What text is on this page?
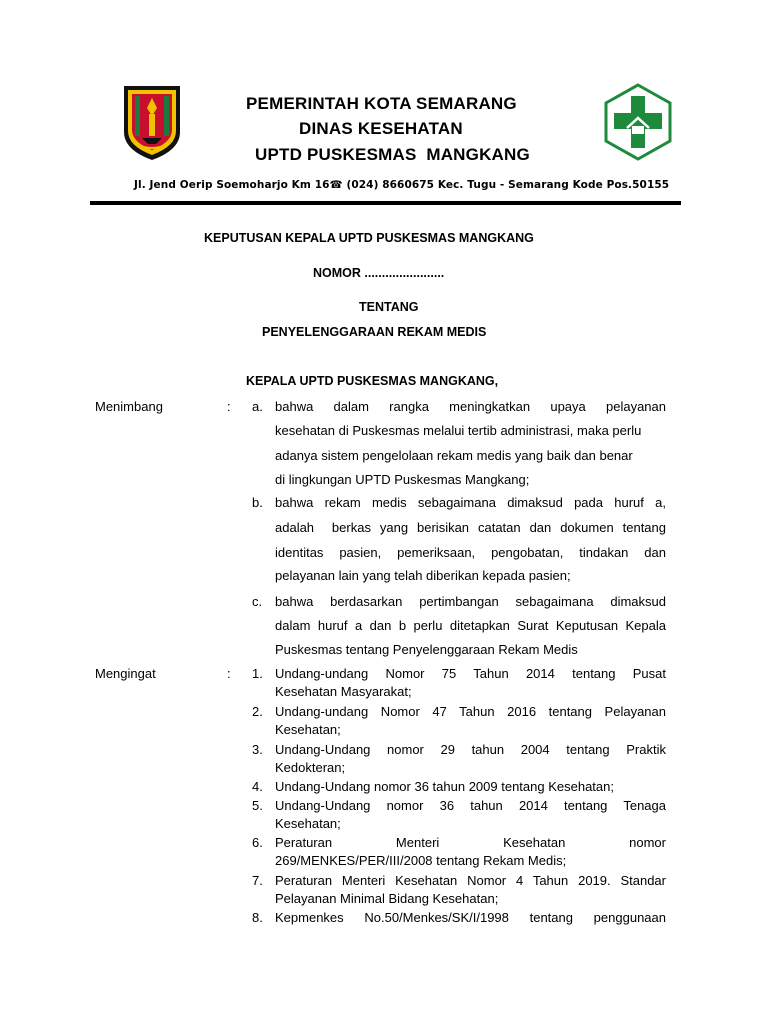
PEMERINTAH KOTA SEMARANG
DINAS KESEHATAN
UPTD PUSKESMAS  MANGKANG
Jl. Jend Oerip Soemoharjo Km 16☎ (024) 8660675 Kec. Tugu - Semarang Kode Pos.50155
KEPUTUSAN KEPALA UPTD PUSKESMAS MANGKANG
NOMOR .......................
TENTANG
PENYELENGGARAAN REKAM MEDIS
KEPALA UPTD PUSKESMAS MANGKANG,
Menimbang	: a. bahwa dalam rangka meningkatkan upaya pelayanan
kesehatan di Puskesmas melalui tertib administrasi, maka perlu
adanya sistem pengelolaan rekam medis yang baik dan benar
di lingkungan UPTD Puskesmas Mangkang;
b. bahwa rekam medis sebagaimana dimaksud pada huruf a,
adalah  berkas yang berisikan catatan dan dokumen tentang
identitas pasien, pemeriksaan, pengobatan, tindakan dan
pelayanan lain yang telah diberikan kepada pasien;
c. bahwa berdasarkan pertimbangan sebagaimana dimaksud
dalam huruf a dan b perlu ditetapkan Surat Keputusan Kepala
Puskesmas tentang Penyelenggaraan Rekam Medis
Mengingat	: 1. Undang-undang Nomor 75 Tahun 2014 tentang Pusat
Kesehatan Masyarakat;
2. Undang-undang Nomor 47 Tahun 2016 tentang Pelayanan
Kesehatan;
3. Undang-Undang nomor 29 tahun 2004 tentang Praktik
Kedokteran;
4. Undang-Undang nomor 36 tahun 2009 tentang Kesehatan;
5. Undang-Undang nomor 36 tahun 2014 tentang Tenaga
Kesehatan;
6. Peraturan Menteri Kesehatan nomor
269/MENKES/PER/III/2008 tentang Rekam Medis;
7. Peraturan Menteri Kesehatan Nomor 4 Tahun 2019. Standar
Pelayanan Minimal Bidang Kesehatan;
8. Kepmenkes No.50/Menkes/SK/I/1998 tentang penggunaan
